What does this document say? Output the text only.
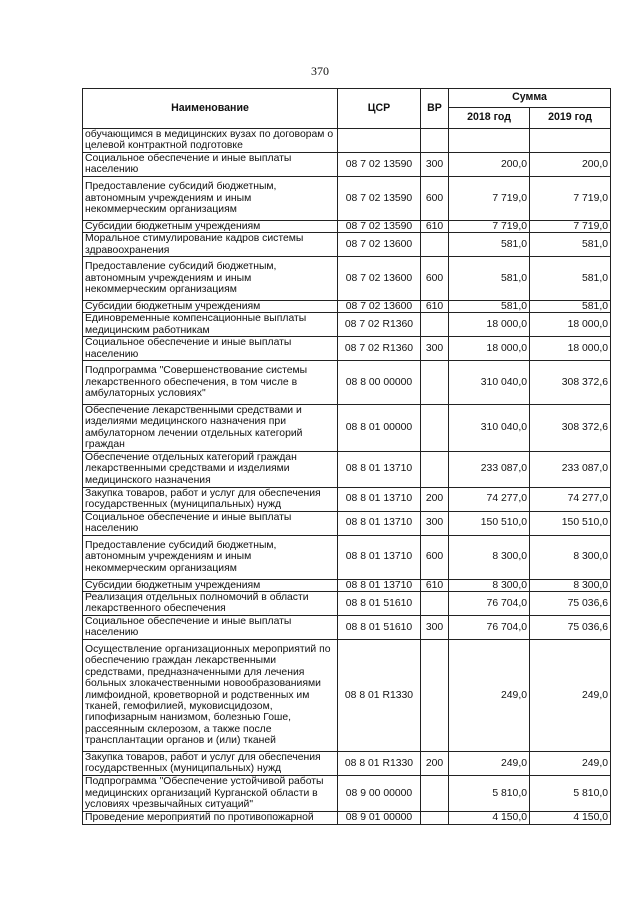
370
Наименование	ЦСР	ВР	Сумма	
			2018 год	2019 год
обучающимся в медицинских вузах по договорам о целевой контрактной подготовке				
Социальное обеспечение и иные выплаты населению	08 7 02 13590	300	200,0	200,0
Предоставление субсидий бюджетным, автономным учреждениям и иным некоммерческим организациям	08 7 02 13590	600	7 719,0	7 719,0
Субсидии бюджетным учреждениям	08 7 02 13590	610	7 719,0	7 719,0
Моральное стимулирование кадров системы здравоохранения	08 7 02 13600		581,0	581,0
Предоставление субсидий бюджетным, автономным учреждениям и иным некоммерческим организациям	08 7 02 13600	600	581,0	581,0
Субсидии бюджетным учреждениям	08 7 02 13600	610	581,0	581,0
Единовременные компенсационные выплаты медицинским работникам	08 7 02 R1360		18 000,0	18 000,0
Социальное обеспечение и иные выплаты населению	08 7 02 R1360	300	18 000,0	18 000,0
Подпрограмма "Совершенствование системы лекарственного обеспечения, в том числе в амбулаторных условиях"	08 8 00 00000		310 040,0	308 372,6
Обеспечение лекарственными средствами и изделиями медицинского назначения при амбулаторном лечении отдельных категорий граждан	08 8 01 00000		310 040,0	308 372,6
Обеспечение отдельных категорий граждан лекарственными средствами и изделиями медицинского назначения	08 8 01 13710		233 087,0	233 087,0
Закупка товаров, работ и услуг для обеспечения государственных (муниципальных) нужд	08 8 01 13710	200	74 277,0	74 277,0
Социальное обеспечение и иные выплаты населению	08 8 01 13710	300	150 510,0	150 510,0
Предоставление субсидий бюджетным, автономным учреждениям и иным некоммерческим организациям	08 8 01 13710	600	8 300,0	8 300,0
Субсидии бюджетным учреждениям	08 8 01 13710	610	8 300,0	8 300,0
Реализация отдельных полномочий в области лекарственного обеспечения	08 8 01 51610		76 704,0	75 036,6
Социальное обеспечение и иные выплаты населению	08 8 01 51610	300	76 704,0	75 036,6
Осуществление организационных мероприятий по обеспечению граждан лекарственными средствами, предназначенными для лечения больных злокачественными новообразованиями лимфоидной, кроветворной и родственных им тканей, гемофилией, муковисцидозом, гипофизарным нанизмом, болезнью Гоше, рассеянным склерозом, а также после трансплантации органов и (или) тканей	08 8 01 R1330		249,0	249,0
Закупка товаров, работ и услуг для обеспечения государственных (муниципальных) нужд	08 8 01 R1330	200	249,0	249,0
Подпрограмма "Обеспечение устойчивой работы медицинских организаций Курганской области в условиях чрезвычайных ситуаций"	08 9 00 00000		5 810,0	5 810,0
Проведение мероприятий по противопожарной	08 9 01 00000		4 150,0	4 150,0
